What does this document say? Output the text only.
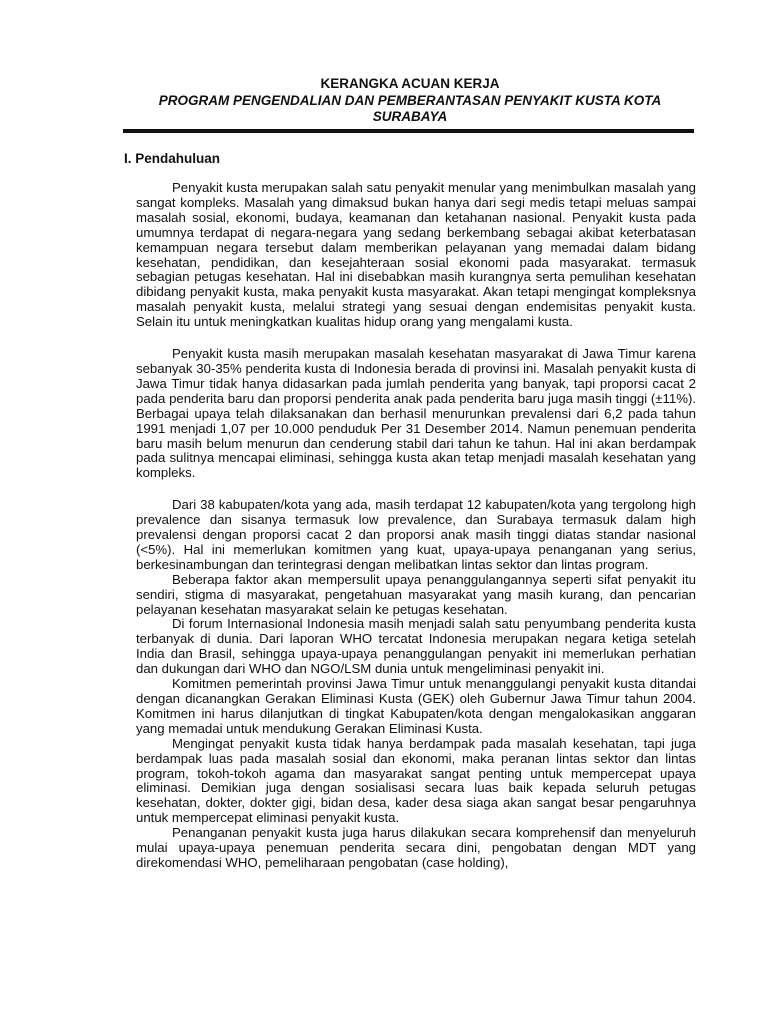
KERANGKA ACUAN KERJA
PROGRAM PENGENDALIAN DAN PEMBERANTASAN PENYAKIT KUSTA KOTA
SURABAYA
I. Pendahuluan

Penyakit kusta merupakan salah satu penyakit menular yang menimbulkan masalah yang sangat kompleks. Masalah yang dimaksud bukan hanya dari segi medis tetapi meluas sampai masalah sosial, ekonomi, budaya, keamanan dan ketahanan nasional. Penyakit kusta pada umumnya terdapat di negara-negara yang sedang berkembang sebagai akibat keterbatasan kemampuan negara tersebut dalam memberikan pelayanan yang memadai dalam bidang kesehatan, pendidikan, dan kesejahteraan sosial ekonomi pada masyarakat. termasuk sebagian petugas kesehatan. Hal ini disebabkan masih kurangnya serta pemulihan kesehatan dibidang penyakit kusta, maka penyakit kusta masyarakat. Akan tetapi mengingat kompleksnya masalah penyakit kusta, melalui strategi yang sesuai dengan endemisitas penyakit kusta. Selain itu untuk meningkatkan kualitas hidup orang yang mengalami kusta.

Penyakit kusta masih merupakan masalah kesehatan masyarakat di Jawa Timur karena sebanyak 30-35% penderita kusta di Indonesia berada di provinsi ini. Masalah penyakit kusta di Jawa Timur tidak hanya didasarkan pada jumlah penderita yang banyak, tapi proporsi cacat 2 pada penderita baru dan proporsi penderita anak pada penderita baru juga masih tinggi (±11%). Berbagai upaya telah dilaksanakan dan berhasil menurunkan prevalensi dari 6,2 pada tahun 1991 menjadi 1,07 per 10.000 penduduk Per 31 Desember 2014. Namun penemuan penderita baru masih belum menurun dan cenderung stabil dari tahun ke tahun. Hal ini akan berdampak pada sulitnya mencapai eliminasi, sehingga kusta akan tetap menjadi masalah kesehatan yang kompleks.

Dari 38 kabupaten/kota yang ada, masih terdapat 12 kabupaten/kota yang tergolong high prevalence dan sisanya termasuk low prevalence, dan Surabaya termasuk dalam high prevalensi dengan proporsi cacat 2 dan proporsi anak masih tinggi diatas standar nasional (<5%). Hal ini memerlukan komitmen yang kuat, upaya-upaya penanganan yang serius, berkesinambungan dan terintegrasi dengan melibatkan lintas sektor dan lintas program.

Beberapa faktor akan mempersulit upaya penanggulangannya seperti sifat penyakit itu sendiri, stigma di masyarakat, pengetahuan masyarakat yang masih kurang, dan pencarian pelayanan kesehatan masyarakat selain ke petugas kesehatan.

Di forum Internasional Indonesia masih menjadi salah satu penyumbang penderita kusta terbanyak di dunia. Dari laporan WHO tercatat Indonesia merupakan negara ketiga setelah India dan Brasil, sehingga upaya-upaya penanggulangan penyakit ini memerlukan perhatian dan dukungan dari WHO dan NGO/LSM dunia untuk mengeliminasi penyakit ini.

Komitmen pemerintah provinsi Jawa Timur untuk menanggulangi penyakit kusta ditandai dengan dicanangkan Gerakan Eliminasi Kusta (GEK) oleh Gubernur Jawa Timur tahun 2004. Komitmen ini harus dilanjutkan di tingkat Kabupaten/kota dengan mengalokasikan anggaran yang memadai untuk mendukung Gerakan Eliminasi Kusta.

Mengingat penyakit kusta tidak hanya berdampak pada masalah kesehatan, tapi juga berdampak luas pada masalah sosial dan ekonomi, maka peranan lintas sektor dan lintas program, tokoh-tokoh agama dan masyarakat sangat penting untuk mempercepat upaya eliminasi. Demikian juga dengan sosialisasi secara luas baik kepada seluruh petugas kesehatan, dokter, dokter gigi, bidan desa, kader desa siaga akan sangat besar pengaruhnya untuk mempercepat eliminasi penyakit kusta.

Penanganan penyakit kusta juga harus dilakukan secara komprehensif dan menyeluruh mulai upaya-upaya penemuan penderita secara dini, pengobatan dengan MDT yang direkomendasi WHO, pemeliharaan pengobatan (case holding),
